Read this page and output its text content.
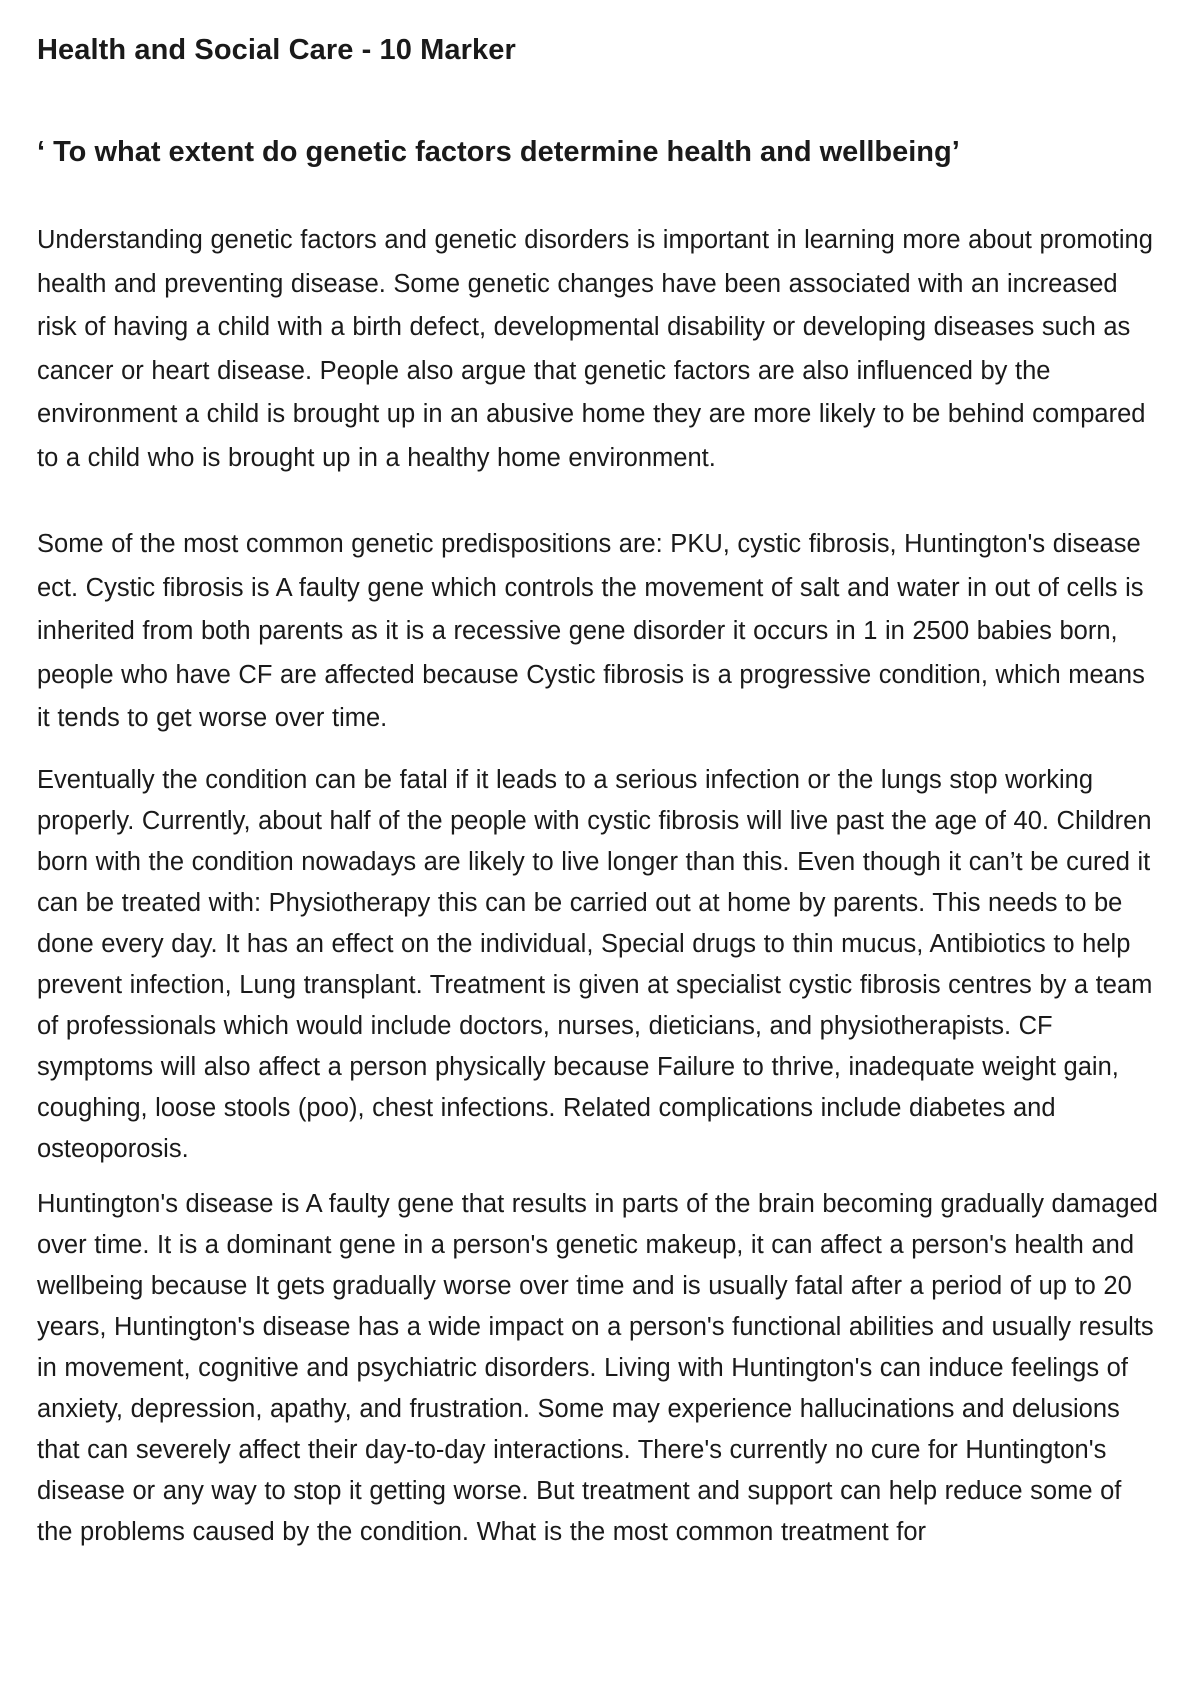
Health and Social Care - 10 Marker
‘ To what extent do genetic factors determine health and wellbeing’

Understanding genetic factors and genetic disorders is important in learning more about promoting health and preventing disease. Some genetic changes have been associated with an increased risk of having a child with a birth defect, developmental disability or developing diseases such as cancer or heart disease. People also argue that genetic factors are also influenced by the environment a child is brought up in an abusive home they are more likely to be behind compared to a child who is brought up in a healthy home environment.

Some of the most common genetic predispositions are: PKU, cystic fibrosis, Huntington's disease ect. Cystic fibrosis is A faulty gene which controls the movement of salt and water in out of cells is inherited from both parents as it is a recessive gene disorder it occurs in 1 in 2500 babies born, people who have CF are affected because Cystic fibrosis is a progressive condition, which means it tends to get worse over time.

Eventually the condition can be fatal if it leads to a serious infection or the lungs stop working properly. Currently, about half of the people with cystic fibrosis will live past the age of 40. Children born with the condition nowadays are likely to live longer than this. Even though it can’t be cured it can be treated with: Physiotherapy this can be carried out at home by parents. This needs to be done every day. It has an effect on the individual, Special drugs to thin mucus, Antibiotics to help prevent infection, Lung transplant. Treatment is given at specialist cystic fibrosis centres by a team of professionals which would include doctors, nurses, dieticians, and physiotherapists. CF symptoms will also affect a person physically because Failure to thrive, inadequate weight gain, coughing, loose stools (poo), chest infections. Related complications include diabetes and osteoporosis.

Huntington's disease is A faulty gene that results in parts of the brain becoming gradually damaged over time. It is a dominant gene in a person's genetic makeup, it can affect a person's health and wellbeing because It gets gradually worse over time and is usually fatal after a period of up to 20 years, Huntington's disease has a wide impact on a person's functional abilities and usually results in movement, cognitive and psychiatric disorders. Living with Huntington's can induce feelings of anxiety, depression, apathy, and frustration. Some may experience hallucinations and delusions that can severely affect their day-to-day interactions. There's currently no cure for Huntington's disease or any way to stop it getting worse. But treatment and support can help reduce some of the problems caused by the condition. What is the most common treatment for
